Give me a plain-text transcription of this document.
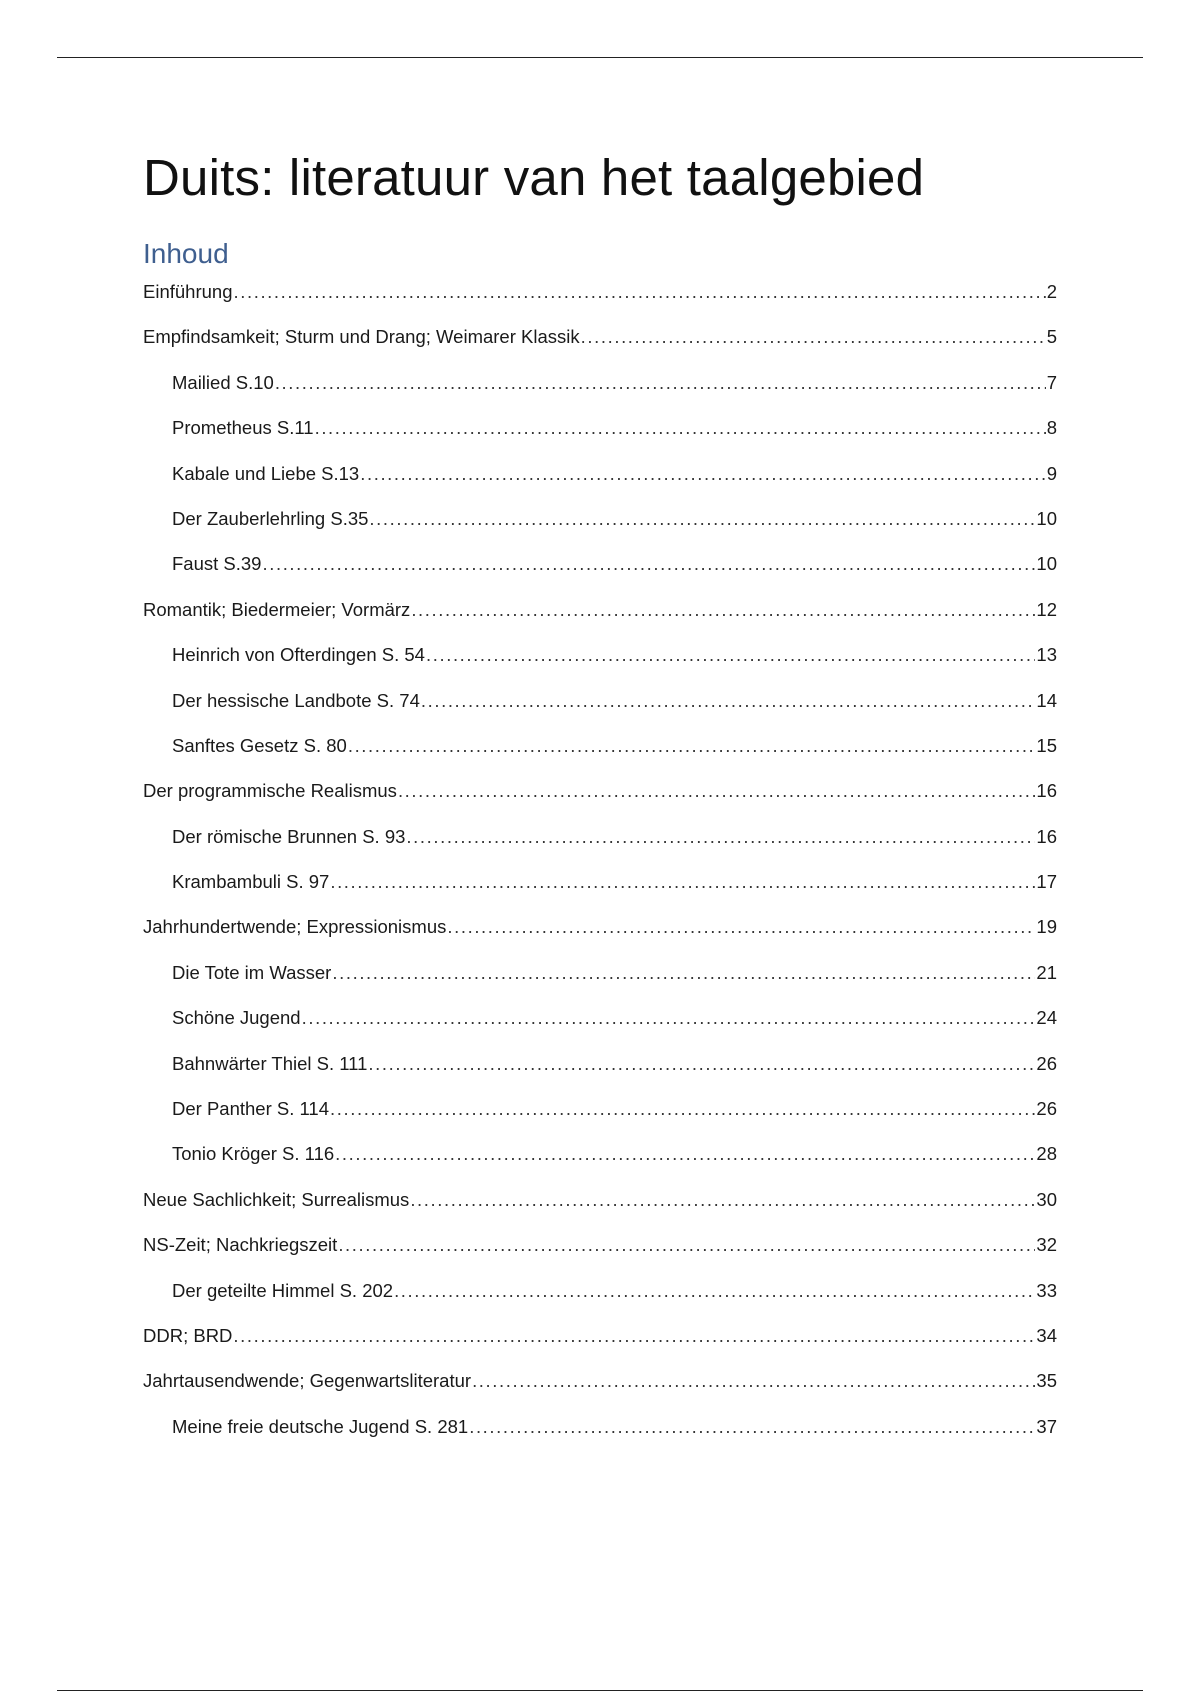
Duits: literatuur van het taalgebied
Inhoud
Einführung .....	2
Empfindsamkeit; Sturm und Drang; Weimarer Klassik .....	5
Mailied S.10 .....	7
Prometheus S.11 .....	8
Kabale und Liebe S.13 .....	9
Der Zauberlehrling S.35 .....	10
Faust S.39 .....	10
Romantik; Biedermeier; Vormärz .....	12
Heinrich von Ofterdingen S. 54 .....	13
Der hessische Landbote S. 74 .....	14
Sanftes Gesetz S. 80 .....	15
Der programmische Realismus .....	16
Der römische Brunnen S. 93 .....	16
Krambambuli S. 97 .....	17
Jahrhundertwende; Expressionismus .....	19
Die Tote im Wasser .....	21
Schöne Jugend .....	24
Bahnwärter Thiel S. 111 .....	26
Der Panther S. 114 .....	26
Tonio Kröger S. 116 .....	28
Neue Sachlichkeit; Surrealismus .....	30
NS-Zeit; Nachkriegszeit .....	32
Der geteilte Himmel S. 202 .....	33
DDR; BRD .....	34
Jahrtausendwende; Gegenwartsliteratur .....	35
Meine freie deutsche Jugend S. 281 .....	37
